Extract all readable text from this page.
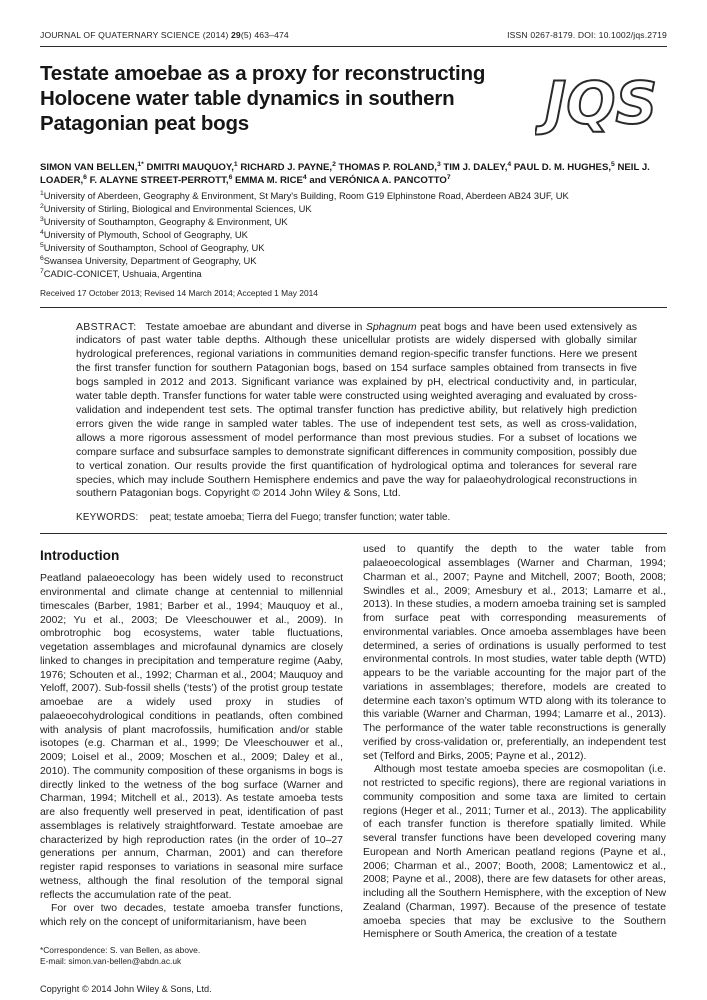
JOURNAL OF QUATERNARY SCIENCE (2014) 29(5) 463–474	ISSN 0267-8179. DOI: 10.1002/jqs.2719
Testate amoebae as a proxy for reconstructing
Holocene water table dynamics in southern
Patagonian peat bogs	JQS
SIMON VAN BELLEN,$^{1*}$ DMITRI MAUQUOY,$^1$ RICHARD J. PAYNE,$^2$ THOMAS P. ROLAND,$^3$ TIM J. DALEY,$^4$ PAUL D. M. HUGHES,$^5$ NEIL J. LOADER,$^6$ F. ALAYNE STREET-PERROTT,$^6$ EMMA M. RICE$^4$ and VERÓNICA A. PANCOTTO$^7$
$^1$University of Aberdeen, Geography & Environment, St Mary's Building, Room G19 Elphinstone Road, Aberdeen AB24 3UF, UK
$^2$University of Stirling, Biological and Environmental Sciences, UK
$^3$University of Southampton, Geography & Environment, UK
$^4$University of Plymouth, School of Geography, UK
$^5$University of Southampton, School of Geography, UK
$^6$Swansea University, Department of Geography, UK
$^7$CADIC-CONICET, Ushuaia, Argentina
Received 17 October 2013; Revised 14 March 2014; Accepted 1 May 2014

ABSTRACT: Testate amoebae are abundant and diverse in Sphagnum peat bogs and have been used extensively as indicators of past water table depths. Although these unicellular protists are widely dispersed with globally similar hydrological preferences, regional variations in communities demand region-specific transfer functions. Here we present the first transfer function for southern Patagonian bogs, based on 154 surface samples obtained from transects in five bogs sampled in 2012 and 2013. Significant variance was explained by pH, electrical conductivity and, in particular, water table depth. Transfer functions for water table were constructed using weighted averaging and evaluated by cross-validation and independent test sets. The optimal transfer function has predictive ability, but relatively high prediction errors given the wide range in sampled water tables. The use of independent test sets, as well as cross-validation, allows a more rigorous assessment of model performance than most previous studies. For a subset of locations we compare surface and subsurface samples to demonstrate significant differences in community composition, possibly due to vertical zonation. Our results provide the first quantification of hydrological optima and tolerances for several rare species, which may include Southern Hemisphere endemics and pave the way for palaeohydrological reconstructions in southern Patagonian bogs. Copyright © 2014 John Wiley & Sons, Ltd.

KEYWORDS: peat; testate amoeba; Tierra del Fuego; transfer function; water table.

Introduction

Peatland palaeoecology has been widely used to reconstruct environmental and climate change at centennial to millennial timescales (Barber, 1981; Barber et al., 1994; Mauquoy et al., 2002; Yu et al., 2003; De Vleeschouwer et al., 2009). In ombrotrophic bog ecosystems, water table fluctuations, vegetation assemblages and microfaunal dynamics are closely linked to changes in precipitation and temperature regime (Aaby, 1976; Schouten et al., 1992; Charman et al., 2004; Mauquoy and Yeloff, 2007). Sub-fossil shells (‘tests’) of the protist group testate amoebae are a widely used proxy in studies of palaeoecohydrological conditions in peatlands, often combined with analysis of plant macrofossils, humification and/or stable isotopes (e.g. Charman et al., 1999; De Vleeschouwer et al., 2009; Loisel et al., 2009; Moschen et al., 2009; Daley et al., 2010). The community composition of these organisms in bogs is directly linked to the wetness of the bog surface (Warner and Charman, 1994; Mitchell et al., 2013). As testate amoeba tests are also frequently well preserved in peat, identification of past assemblages is relatively straightforward. Testate amoebae are characterized by high reproduction rates (in the order of 10–27 generations per annum, Charman, 2001) and can therefore register rapid responses to variations in seasonal mire surface wetness, although the final resolution of the temporal signal reflects the accumulation rate of the peat.

For over two decades, testate amoeba transfer functions, which rely on the concept of uniformitarianism, have been

*Correspondence: S. van Bellen, as above.
E-mail: simon.van-bellen@abdn.ac.uk
Copyright © 2014 John Wiley & Sons, Ltd.

used to quantify the depth to the water table from palaeoecological assemblages (Warner and Charman, 1994; Charman et al., 2007; Payne and Mitchell, 2007; Booth, 2008; Swindles et al., 2009; Amesbury et al., 2013; Lamarre et al., 2013). In these studies, a modern amoeba training set is sampled from surface peat with corresponding measurements of environmental variables. Once amoeba assemblages have been determined, a series of ordinations is usually performed to test environmental controls. In most studies, water table depth (WTD) appears to be the variable accounting for the major part of the variations in assemblages; therefore, models are created to determine each taxon’s optimum WTD along with its tolerance to this variable (Warner and Charman, 1994; Lamarre et al., 2013). The performance of the water table reconstructions is generally verified by cross-validation or, preferentially, an independent test set (Telford and Birks, 2005; Payne et al., 2012).

Although most testate amoeba species are cosmopolitan (i.e. not restricted to specific regions), there are regional variations in community composition and some taxa are limited to certain regions (Heger et al., 2011; Turner et al., 2013). The applicability of each transfer function is therefore spatially limited. While several transfer functions have been developed covering many European and North American peatland regions (Payne et al., 2006; Charman et al., 2007; Booth, 2008; Lamentowicz et al., 2008; Payne et al., 2008), there are few datasets for other areas, including all the Southern Hemisphere, with the exception of New Zealand (Charman, 1997). Because of the presence of testate amoeba species that may be exclusive to the Southern Hemisphere or South America, the creation of a testate
